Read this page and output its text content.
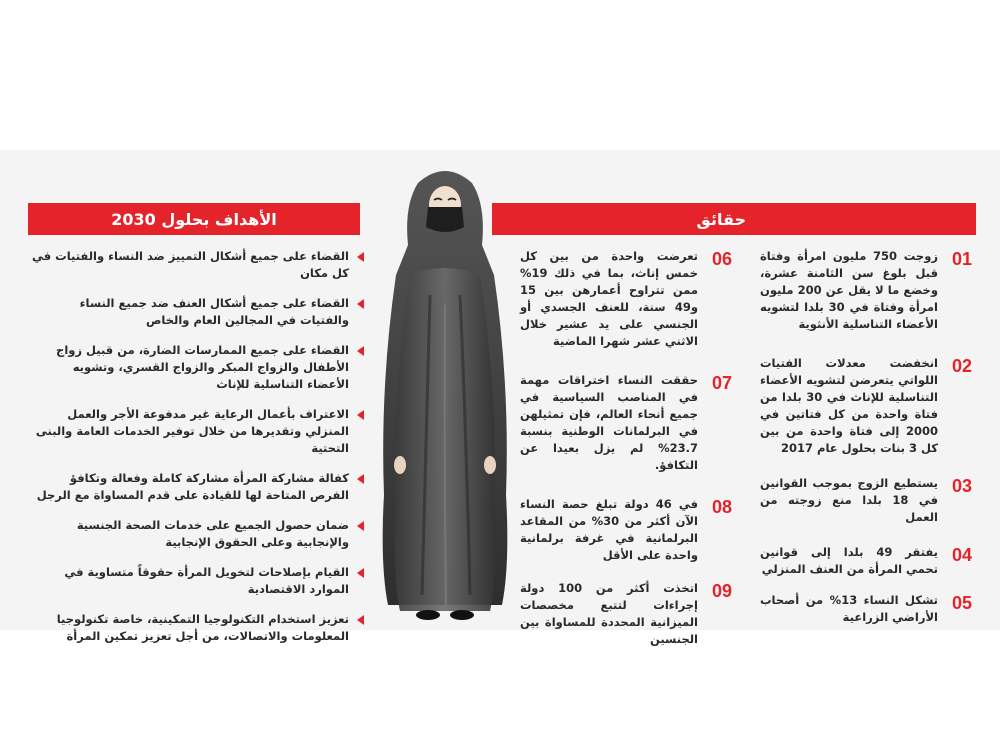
الأهداف بحلول 2030	حقائق
القضاء على جميع أشكال التمييز ضد النساء والفتيات في كل مكان
القضاء على جميع أشكال العنف ضد جميع النساء والفتيات في المجالين العام والخاص
القضاء على جميع الممارسات الضارة، من قبيل زواج الأطفال والزواج المبكر والزواج القسري، وتشويه الأعضاء التناسلية للإناث
الاعتراف بأعمال الرعاية غير مدفوعة الأجر والعمل المنزلي وتقديرها من خلال توفير الخدمات العامة والبنى التحتية
كفالة مشاركة المرأة مشاركة كاملة وفعالة وتكافؤ الفرص المتاحة لها للقيادة على قدم المساواة مع الرجل
ضمان حصول الجميع على خدمات الصحة الجنسية والإنجابية وعلى الحقوق الإنجابية
القيام بإصلاحات لتخويل المرأة حقوقاً متساوية في الموارد الاقتصادية
تعزيز استخدام التكنولوجيا التمكينية، خاصة تكنولوجيا المعلومات والاتصالات، من أجل تعزيز تمكين المرأة
06
تعرضت واحدة من بين كل خمس إناث، بما في ذلك 19% ممن تتراوح أعمارهن بين 15 و49 سنة، للعنف الجسدي أو الجنسي على يد عشير خلال الاثني عشر شهرا الماضية
07
حققت النساء اختراقات مهمة في المناصب السياسية في جميع أنحاء العالم، فإن تمثيلهن في البرلمانات الوطنية بنسبة 23.7% لم يزل بعيدا عن التكافؤ.
08
في 46 دولة تبلغ حصة النساء الآن أكثر من 30% من المقاعد البرلمانية في غرفة برلمانية واحدة على الأقل
09
اتخذت أكثر من 100 دولة إجراءات لتتبع مخصصات الميزانية المحددة للمساواة بين الجنسين
01
زوجت 750 مليون امرأة وفتاة قبل بلوغ سن الثامنة عشرة، وخضع ما لا يقل عن 200 مليون امرأة وفتاة في 30 بلدا لتشويه الأعضاء التناسلية الأنثوية
02
انخفضت معدلات الفتيات اللواتي يتعرضن لتشويه الأعضاء التناسلية للإناث في 30 بلدا من فتاة واحدة من كل فتاتين في 2000 إلى فتاة واحدة من بين كل 3 بنات بحلول عام 2017
03
يستطيع الزوج بموجب القوانين في 18 بلدا منع زوجته من العمل
04
يفتقر 49 بلدا إلى قوانين تحمي المرأة من العنف المنزلي
05
تشكل النساء 13% من أصحاب الأراضي الزراعية
